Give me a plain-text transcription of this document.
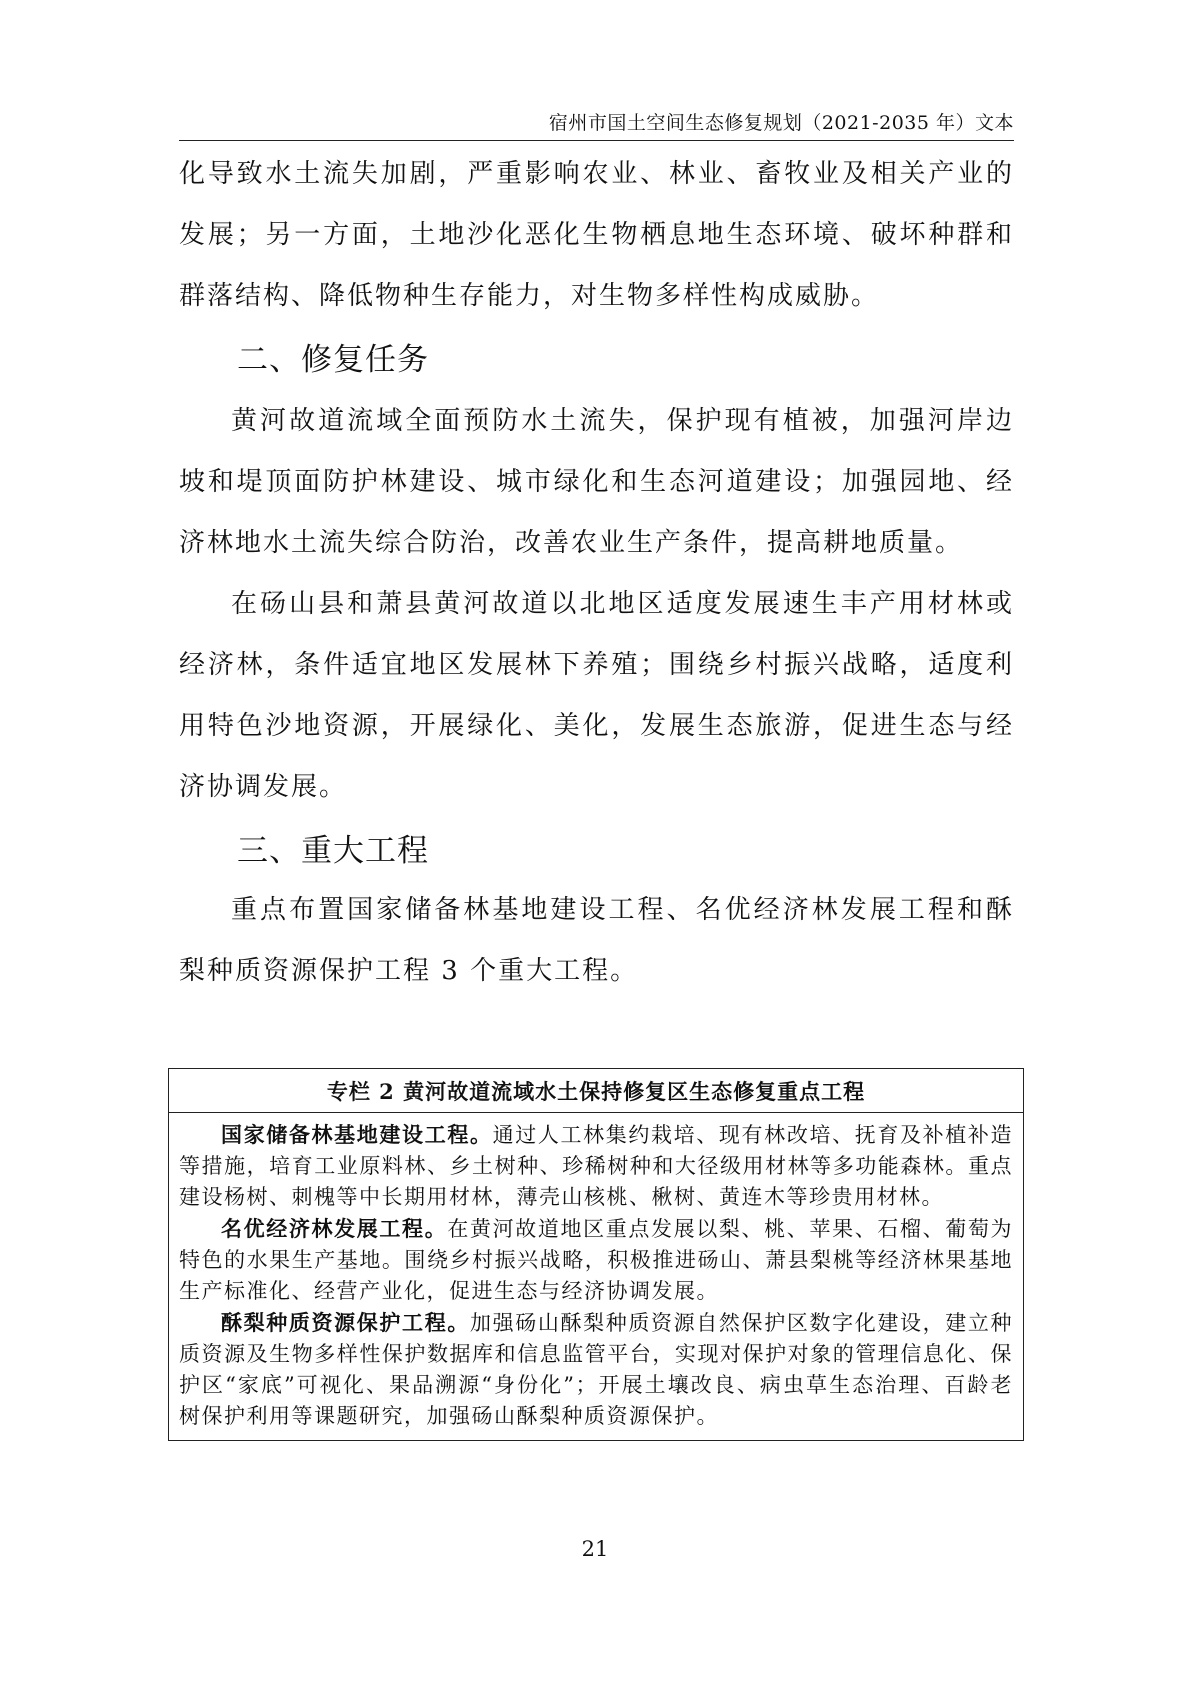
宿州市国土空间生态修复规划（2021-2035 年）文本

化导致水土流失加剧，严重影响农业、林业、畜牧业及相关产业的发展；另一方面，土地沙化恶化生物栖息地生态环境、破坏种群和群落结构、降低物种生存能力，对生物多样性构成威胁。

二、修复任务

黄河故道流域全面预防水土流失，保护现有植被，加强河岸边坡和堤顶面防护林建设、城市绿化和生态河道建设；加强园地、经济林地水土流失综合防治，改善农业生产条件，提高耕地质量。

在砀山县和萧县黄河故道以北地区适度发展速生丰产用材林或经济林，条件适宜地区发展林下养殖；围绕乡村振兴战略，适度利用特色沙地资源，开展绿化、美化，发展生态旅游，促进生态与经济协调发展。

三、重大工程

重点布置国家储备林基地建设工程、名优经济林发展工程和酥梨种质资源保护工程 3 个重大工程。

专栏 2 黄河故道流域水土保持修复区生态修复重点工程

国家储备林基地建设工程。通过人工林集约栽培、现有林改培、抚育及补植补造等措施，培育工业原料林、乡土树种、珍稀树种和大径级用材林等多功能森林。重点建设杨树、刺槐等中长期用材林，薄壳山核桃、楸树、黄连木等珍贵用材林。

名优经济林发展工程。在黄河故道地区重点发展以梨、桃、苹果、石榴、葡萄为特色的水果生产基地。围绕乡村振兴战略，积极推进砀山、萧县梨桃等经济林果基地生产标准化、经营产业化，促进生态与经济协调发展。

酥梨种质资源保护工程。加强砀山酥梨种质资源自然保护区数字化建设，建立种质资源及生物多样性保护数据库和信息监管平台，实现对保护对象的管理信息化、保护区“家底”可视化、果品溯源“身份化”；开展土壤改良、病虫草生态治理、百龄老树保护利用等课题研究，加强砀山酥梨种质资源保护。

21
